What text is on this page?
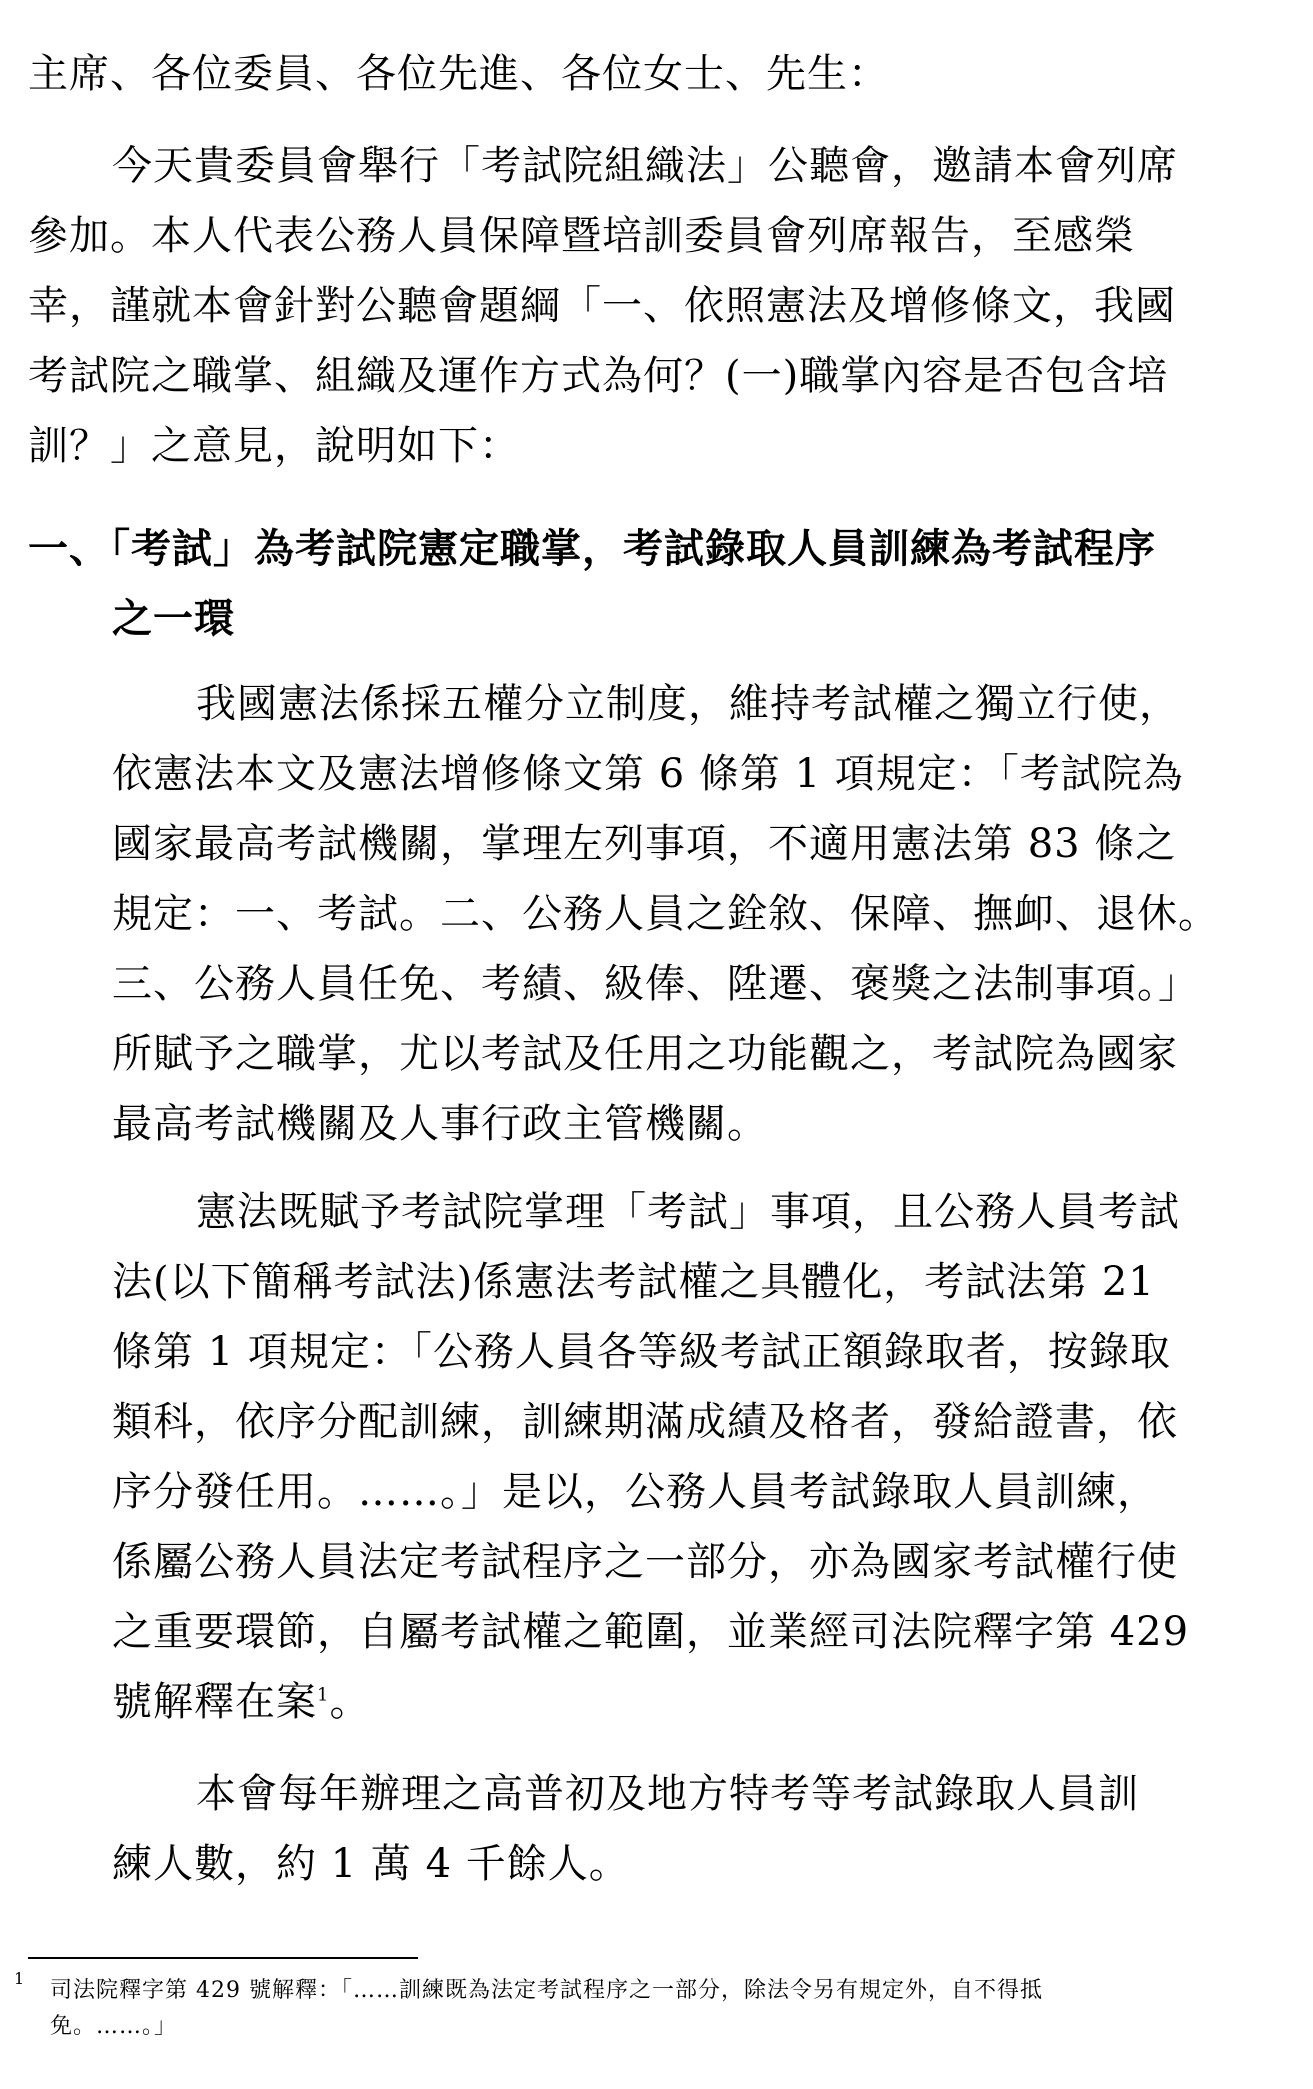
主席、各位委員、各位先進、各位女士、先生：
今天貴委員會舉行「考試院組織法」公聽會，邀請本會列席
參加。本人代表公務人員保障暨培訓委員會列席報告，至感榮
幸，謹就本會針對公聽會題綱「一、依照憲法及增修條文，我國
考試院之職掌、組織及運作方式為何？(一)職掌內容是否包含培
訓？」之意見，說明如下：
一、「考試」為考試院憲定職掌，考試錄取人員訓練為考試程序
之一環
我國憲法係採五權分立制度，維持考試權之獨立行使，
依憲法本文及憲法增修條文第 6 條第 1 項規定：「考試院為
國家最高考試機關，掌理左列事項，不適用憲法第 83 條之
規定：一、考試。二、公務人員之銓敘、保障、撫卹、退休。
三、公務人員任免、考績、級俸、陞遷、褒獎之法制事項。」
所賦予之職掌，尤以考試及任用之功能觀之，考試院為國家
最高考試機關及人事行政主管機關。
憲法既賦予考試院掌理「考試」事項，且公務人員考試
法(以下簡稱考試法)係憲法考試權之具體化，考試法第 21
條第 1 項規定：「公務人員各等級考試正額錄取者，按錄取
類科，依序分配訓練，訓練期滿成績及格者，發給證書，依
序分發任用。……。」是以，公務人員考試錄取人員訓練，
係屬公務人員法定考試程序之一部分，亦為國家考試權行使
之重要環節，自屬考試權之範圍，並業經司法院釋字第 429
號解釋在案$^1$。
本會每年辦理之高普初及地方特考等考試錄取人員訓
練人數，約 1 萬 4 千餘人。
1 司法院釋字第 429 號解釋：「……訓練既為法定考試程序之一部分，除法令另有規定外，自不得抵
免。……。」
